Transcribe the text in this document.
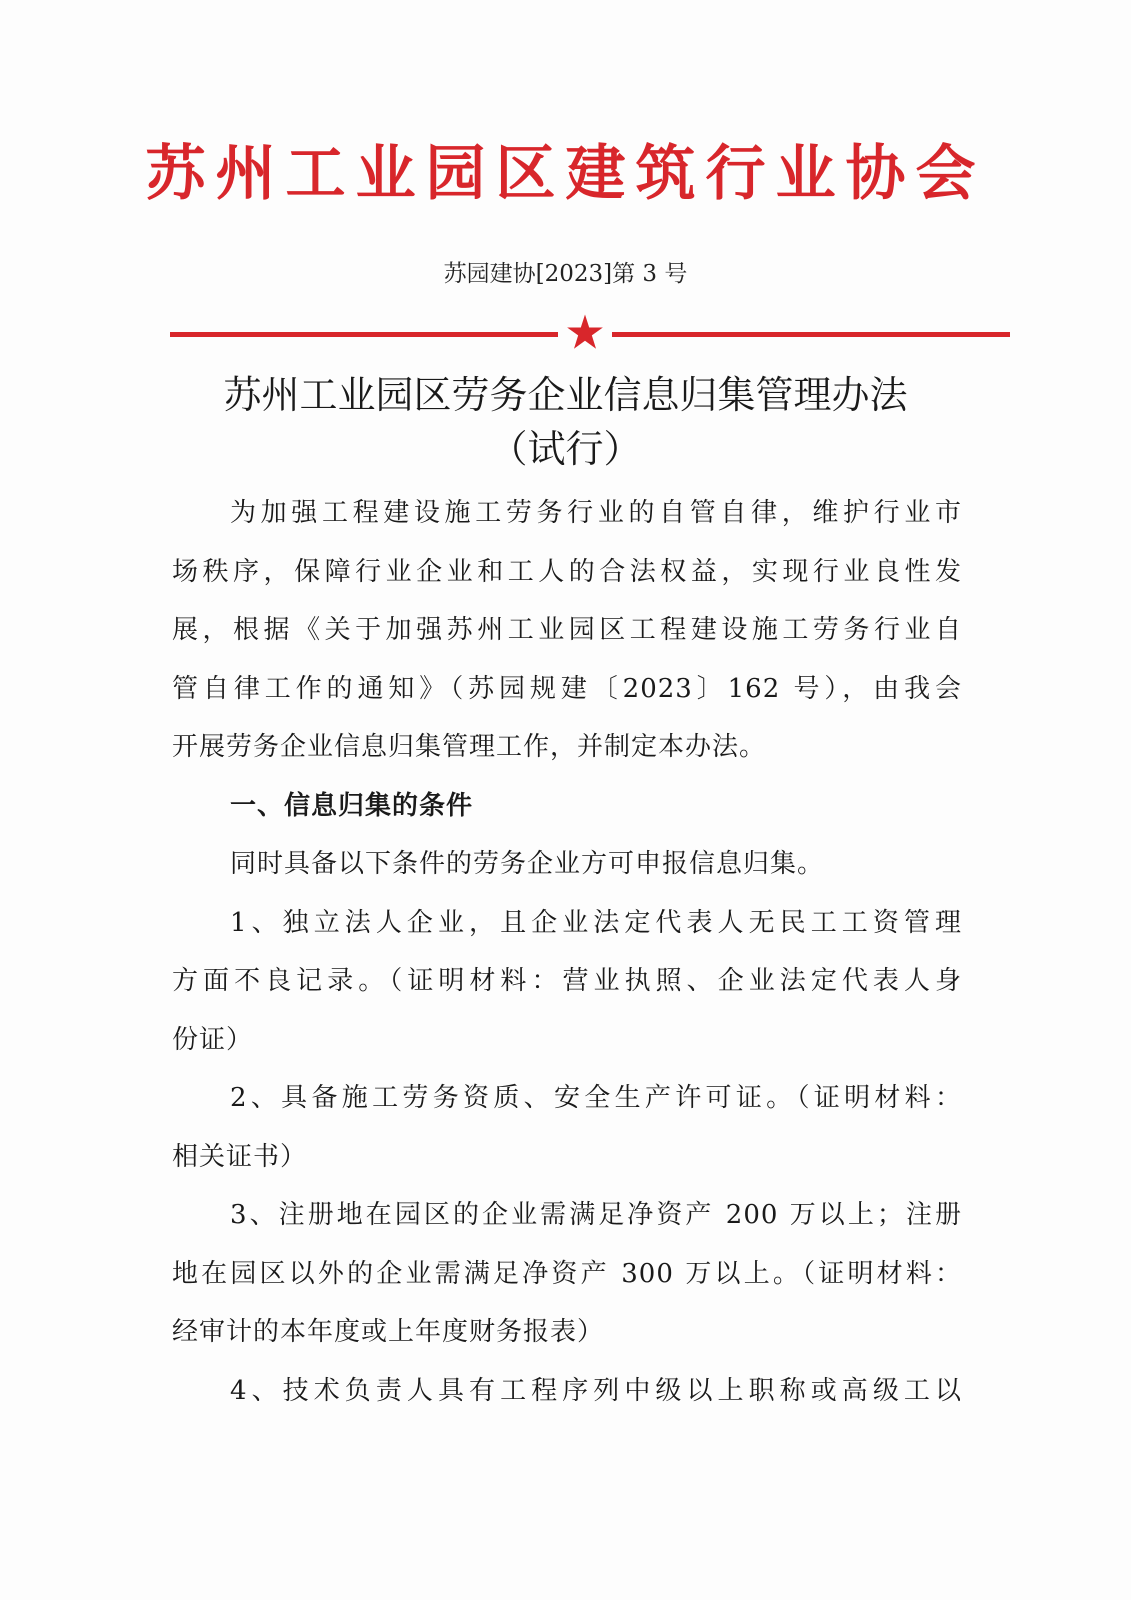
苏州工业园区建筑行业协会
苏园建协[2023]第 3 号
苏州工业园区劳务企业信息归集管理办法
（试行）
为加强工程建设施工劳务行业的自管自律，维护行业市
场秩序，保障行业企业和工人的合法权益，实现行业良性发
展，根据《关于加强苏州工业园区工程建设施工劳务行业自
管自律工作的通知》（苏园规建〔2023〕162 号），由我会
开展劳务企业信息归集管理工作，并制定本办法。
一、信息归集的条件
同时具备以下条件的劳务企业方可申报信息归集。
1、独立法人企业，且企业法定代表人无民工工资管理
方面不良记录。（证明材料：营业执照、企业法定代表人身
份证）
2、具备施工劳务资质、安全生产许可证。（证明材料：
相关证书）
3、注册地在园区的企业需满足净资产 200 万以上；注册
地在园区以外的企业需满足净资产 300 万以上。（证明材料：
经审计的本年度或上年度财务报表）
4、技术负责人具有工程序列中级以上职称或高级工以
